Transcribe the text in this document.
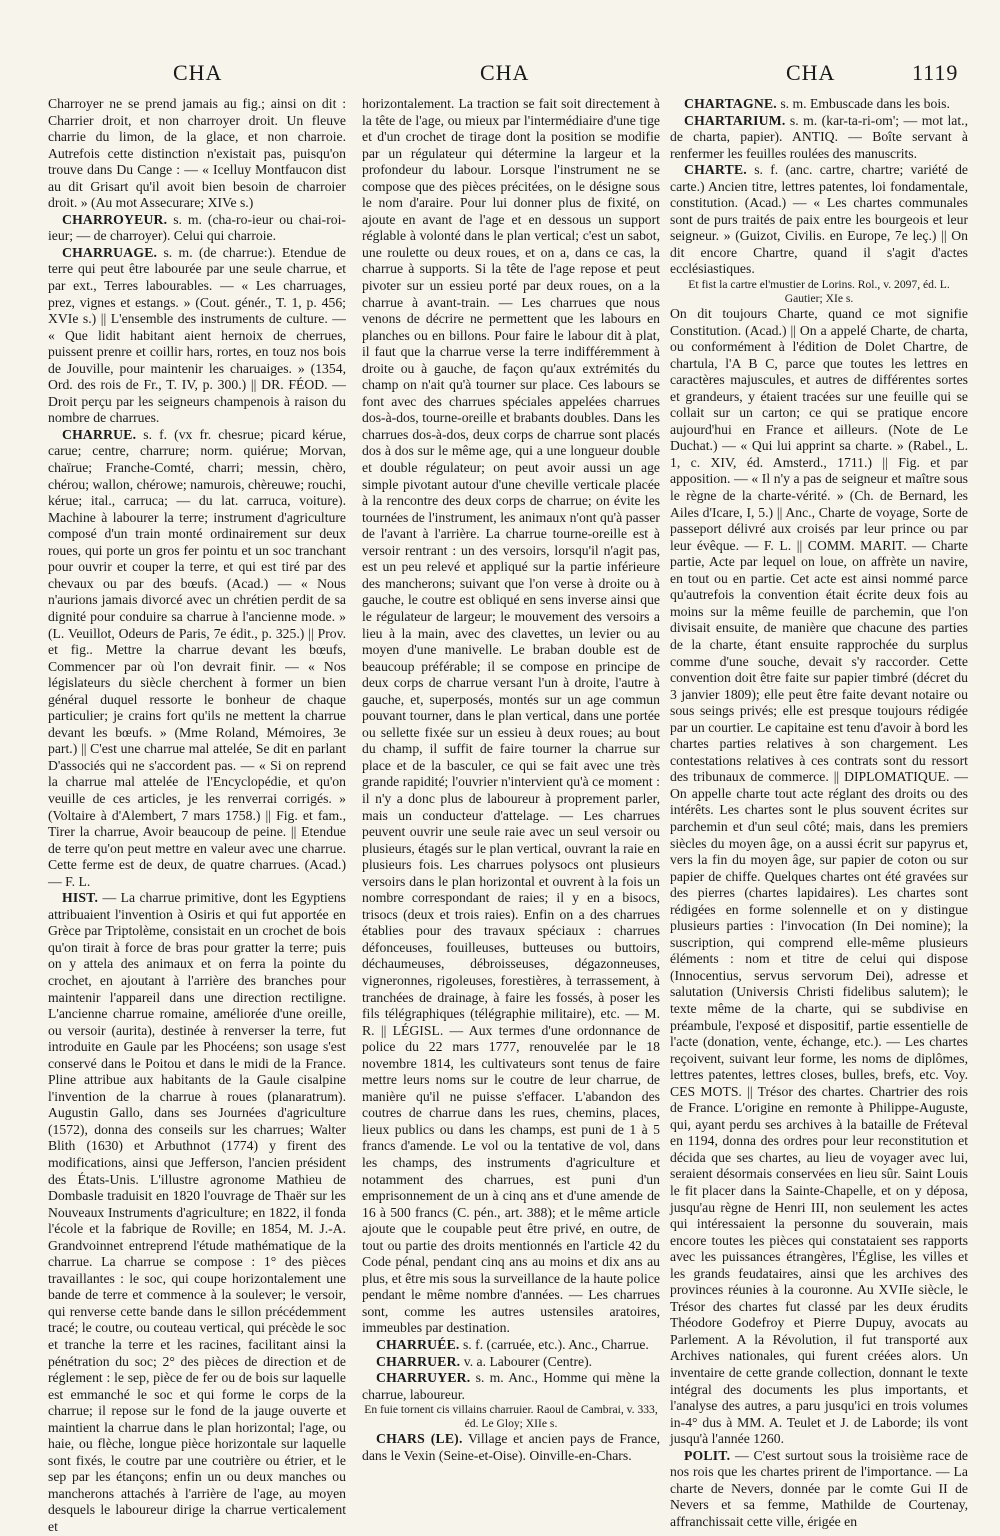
CHA	CHA	CHA	1119

Charroyer ne se prend jamais au fig.; ainsi on dit : Charrier droit, et non charroyer droit. Un fleuve charrie du limon, de la glace, et non charroie. Autrefois cette distinction n'existait pas, puisqu'on trouve dans Du Cange : — « Icelluy Montfaucon dist au dit Grisart qu'il avoit bien besoin de charroier droit. » (Au mot Assecurare; XIVe s.)

CHARROYEUR. s. m. (cha-ro-ieur ou chai-roi-ieur; — de charroyer). Celui qui charroie.

CHARRUAGE. s. m. (de charrue:). Etendue de terre qui peut être labourée par une seule charrue, et par ext., Terres labourables. — « Les charruages, prez, vignes et estangs. » (Cout. génér., T. 1, p. 456; XVIe s.) || L'ensemble des instruments de culture. — « Que lidit habitant aient hernoix de cherrues, puissent prenre et coillir hars, rortes, en touz nos bois de Jouville, pour maintenir les charuaiges. » (1354, Ord. des rois de Fr., T. IV, p. 300.) || DR. FÉOD. — Droit perçu par les seigneurs champenois à raison du nombre de charrues.

CHARRUE. s. f. (vx fr. chesrue; picard kérue, carue; centre, charrure; norm. quiérue; Morvan, chaïrue; Franche-Comté, charri; messin, chèro, chérou; wallon, chérowe; namurois, chèreuwe; rouchi, kérue; ital., carruca; — du lat. carruca, voiture). Machine à labourer la terre; instrument d'agriculture composé d'un train monté ordinairement sur deux roues, qui porte un gros fer pointu et un soc tranchant pour ouvrir et couper la terre, et qui est tiré par des chevaux ou par des bœufs. (Acad.) — « Nous n'aurions jamais divorcé avec un chrétien perdit de sa dignité pour conduire sa charrue à l'ancienne mode. » (L. Veuillot, Odeurs de Paris, 7e édit., p. 325.) || Prov. et fig.. Mettre la charrue devant les bœufs, Commencer par où l'on devrait finir. — « Nos législateurs du siècle cherchent à former un bien général duquel ressorte le bonheur de chaque particulier; je crains fort qu'ils ne mettent la charrue devant les bœufs. » (Mme Roland, Mémoires, 3e part.) || C'est une charrue mal attelée, Se dit en parlant D'associés qui ne s'accordent pas. — « Si on reprend la charrue mal attelée de l'Encyclopédie, et qu'on veuille de ces articles, je les renverrai corrigés. » (Voltaire à d'Alembert, 7 mars 1758.) || Fig. et fam., Tirer la charrue, Avoir beaucoup de peine. || Etendue de terre qu'on peut mettre en valeur avec une charrue. Cette ferme est de deux, de quatre charrues. (Acad.) — F. L.

HIST. — La charrue primitive, dont les Egyptiens attribuaient l'invention à Osiris et qui fut apportée en Grèce par Triptolème, consistait en un crochet de bois qu'on tirait à force de bras pour gratter la terre; puis on y attela des animaux et on ferra la pointe du crochet, en ajoutant à l'arrière des branches pour maintenir l'appareil dans une direction rectiligne. L'ancienne charrue romaine, améliorée d'une oreille, ou versoir (aurita), destinée à renverser la terre, fut introduite en Gaule par les Phocéens; son usage s'est conservé dans le Poitou et dans le midi de la France. Pline attribue aux habitants de la Gaule cisalpine l'invention de la charrue à roues (planaratrum). Augustin Gallo, dans ses Journées d'agriculture (1572), donna des conseils sur les charrues; Walter Blith (1630) et Arbuthnot (1774) y firent des modifications, ainsi que Jefferson, l'ancien président des États-Unis. L'illustre agronome Mathieu de Dombasle traduisit en 1820 l'ouvrage de Thaër sur les Nouveaux Instruments d'agriculture; en 1822, il fonda l'école et la fabrique de Roville; en 1854, M. J.-A. Grandvoinnet entreprend l'étude mathématique de la charrue. La charrue se compose : 1° des pièces travaillantes : le soc, qui coupe horizontalement une bande de terre et commence à la soulever; le versoir, qui renverse cette bande dans le sillon précédemment tracé; le coutre, ou couteau vertical, qui précède le soc et tranche la terre et les racines, facilitant ainsi la pénétration du soc; 2° des pièces de direction et de réglement : le sep, pièce de fer ou de bois sur laquelle est emmanché le soc et qui forme le corps de la charrue; il repose sur le fond de la jauge ouverte et maintient la charrue dans le plan horizontal; l'age, ou haie, ou flèche, longue pièce horizontale sur laquelle sont fixés, le coutre par une coutrière ou étrier, et le sep par les étançons; enfin un ou deux manches ou mancherons attachés à l'arrière de l'age, au moyen desquels le laboureur dirige la charrue verticalement et

horizontalement. La traction se fait soit directement à la tête de l'age, ou mieux par l'intermédiaire d'une tige et d'un crochet de tirage dont la position se modifie par un régulateur qui détermine la largeur et la profondeur du labour. Lorsque l'instrument ne se compose que des pièces précitées, on le désigne sous le nom d'araire. Pour lui donner plus de fixité, on ajoute en avant de l'age et en dessous un support réglable à volonté dans le plan vertical; c'est un sabot, une roulette ou deux roues, et on a, dans ce cas, la charrue à supports. Si la tête de l'age repose et peut pivoter sur un essieu porté par deux roues, on a la charrue à avant-train. — Les charrues que nous venons de décrire ne permettent que les labours en planches ou en billons. Pour faire le labour dit à plat, il faut que la charrue verse la terre indifféremment à droite ou à gauche, de façon qu'aux extrémités du champ on n'ait qu'à tourner sur place. Ces labours se font avec des charrues spéciales appelées charrues dos-à-dos, tourne-oreille et brabants doubles. Dans les charrues dos-à-dos, deux corps de charrue sont placés dos à dos sur le même age, qui a une longueur double et double régulateur; on peut avoir aussi un age simple pivotant autour d'une cheville verticale placée à la rencontre des deux corps de charrue; on évite les tournées de l'instrument, les animaux n'ont qu'à passer de l'avant à l'arrière. La charrue tourne-oreille est à versoir rentrant : un des versoirs, lorsqu'il n'agit pas, est un peu relevé et appliqué sur la partie inférieure des mancherons; suivant que l'on verse à droite ou à gauche, le coutre est obliqué en sens inverse ainsi que le régulateur de largeur; le mouvement des versoirs a lieu à la main, avec des clavettes, un levier ou au moyen d'une manivelle. Le braban double est de beaucoup préférable; il se compose en principe de deux corps de charrue versant l'un à droite, l'autre à gauche, et, superposés, montés sur un age commun pouvant tourner, dans le plan vertical, dans une portée ou sellette fixée sur un essieu à deux roues; au bout du champ, il suffit de faire tourner la charrue sur place et de la basculer, ce qui se fait avec une très grande rapidité; l'ouvrier n'intervient qu'à ce moment : il n'y a donc plus de laboureur à proprement parler, mais un conducteur d'attelage. — Les charrues peuvent ouvrir une seule raie avec un seul versoir ou plusieurs, étagés sur le plan vertical, ouvrant la raie en plusieurs fois. Les charrues polysocs ont plusieurs versoirs dans le plan horizontal et ouvrent à la fois un nombre correspondant de raies; il y en a bisocs, trisocs (deux et trois raies). Enfin on a des charrues établies pour des travaux spéciaux : charrues défonceuses, fouilleuses, butteuses ou buttoirs, déchaumeuses, débroisseuses, dégazonneuses, vigneronnes, rigoleuses, forestières, à terrassement, à tranchées de drainage, à faire les fossés, à poser les fils télégraphiques (télégraphie militaire), etc. — M. R. || LÉGISL. — Aux termes d'une ordonnance de police du 22 mars 1777, renouvelée par le 18 novembre 1814, les cultivateurs sont tenus de faire mettre leurs noms sur le coutre de leur charrue, de manière qu'il ne puisse s'effacer. L'abandon des coutres de charrue dans les rues, chemins, places, lieux publics ou dans les champs, est puni de 1 à 5 francs d'amende. Le vol ou la tentative de vol, dans les champs, des instruments d'agriculture et notamment des charrues, est puni d'un emprisonnement de un à cinq ans et d'une amende de 16 à 500 francs (C. pén., art. 388); et le même article ajoute que le coupable peut être privé, en outre, de tout ou partie des droits mentionnés en l'article 42 du Code pénal, pendant cinq ans au moins et dix ans au plus, et être mis sous la surveillance de la haute police pendant le même nombre d'années. — Les charrues sont, comme les autres ustensiles aratoires, immeubles par destination.

CHARRUÉE. s. f. (carruée, etc.). Anc., Charrue.

CHARRUER. v. a. Labourer (Centre).

CHARRUYER. s. m. Anc., Homme qui mène la charrue, laboureur.

En fuie tornent cis villains charruier. Raoul de Cambrai, v. 333, éd. Le Gloy; XIIe s.

CHARS (LE). Village et ancien pays de France, dans le Vexin (Seine-et-Oise). Oinville-en-Chars.

CHARTAGNE. s. m. Embuscade dans les bois.

CHARTARIUM. s. m. (kar-ta-ri-om'; — mot lat., de charta, papier). ANTIQ. — Boîte servant à renfermer les feuilles roulées des manuscrits.

CHARTE. s. f. (anc. cartre, chartre; variété de carte.) Ancien titre, lettres patentes, loi fondamentale, constitution. (Acad.) — « Les chartes communales sont de purs traités de paix entre les bourgeois et leur seigneur. » (Guizot, Civilis. en Europe, 7e leç.) || On dit encore Chartre, quand il s'agit d'actes ecclésiastiques.

Et fist la cartre el'mustier de Lorins. Rol., v. 2097, éd. L. Gautier; XIe s.

On dit toujours Charte, quand ce mot signifie Constitution. (Acad.) || On a appelé Charte, de charta, ou conformément à l'édition de Dolet Chartre, de chartula, l'A B C, parce que toutes les lettres en caractères majuscules, et autres de différentes sortes et grandeurs, y étaient tracées sur une feuille qui se collait sur un carton; ce qui se pratique encore aujourd'hui en France et ailleurs. (Note de Le Duchat.) — « Qui lui apprint sa charte. » (Rabel., L. 1, c. XIV, éd. Amsterd., 1711.) || Fig. et par apposition. — « Il n'y a pas de seigneur et maître sous le règne de la charte-vérité. » (Ch. de Bernard, les Ailes d'Icare, I, 5.) || Anc., Charte de voyage, Sorte de passeport délivré aux croisés par leur prince ou par leur évêque. — F. L. || COMM. MARIT. — Charte partie, Acte par lequel on loue, on affrète un navire, en tout ou en partie. Cet acte est ainsi nommé parce qu'autrefois la convention était écrite deux fois au moins sur la même feuille de parchemin, que l'on divisait ensuite, de manière que chacune des parties de la charte, étant ensuite rapprochée du surplus comme d'une souche, devait s'y raccorder. Cette convention doit être faite sur papier timbré (décret du 3 janvier 1809); elle peut être faite devant notaire ou sous seings privés; elle est presque toujours rédigée par un courtier. Le capitaine est tenu d'avoir à bord les chartes parties relatives à son chargement. Les contestations relatives à ces contrats sont du ressort des tribunaux de commerce. || DIPLOMATIQUE. — On appelle charte tout acte réglant des droits ou des intérêts. Les chartes sont le plus souvent écrites sur parchemin et d'un seul côté; mais, dans les premiers siècles du moyen âge, on a aussi écrit sur papyrus et, vers la fin du moyen âge, sur papier de coton ou sur papier de chiffe. Quelques chartes ont été gravées sur des pierres (chartes lapidaires). Les chartes sont rédigées en forme solennelle et on y distingue plusieurs parties : l'invocation (In Dei nomine); la suscription, qui comprend elle-même plusieurs éléments : nom et titre de celui qui dispose (Innocentius, servus servorum Dei), adresse et salutation (Universis Christi fidelibus salutem); le texte même de la charte, qui se subdivise en préambule, l'exposé et dispositif, partie essentielle de l'acte (donation, vente, échange, etc.). — Les chartes reçoivent, suivant leur forme, les noms de diplômes, lettres patentes, lettres closes, bulles, brefs, etc. Voy. CES MOTS. || Trésor des chartes. Chartrier des rois de France. L'origine en remonte à Philippe-Auguste, qui, ayant perdu ses archives à la bataille de Fréteval en 1194, donna des ordres pour leur reconstitution et décida que ses chartes, au lieu de voyager avec lui, seraient désormais conservées en lieu sûr. Saint Louis le fit placer dans la Sainte-Chapelle, et on y déposa, jusqu'au règne de Henri III, non seulement les actes qui intéressaient la personne du souverain, mais encore toutes les pièces qui constataient ses rapports avec les puissances étrangères, l'Église, les villes et les grands feudataires, ainsi que les archives des provinces réunies à la couronne. Au XVIIe siècle, le Trésor des chartes fut classé par les deux érudits Théodore Godefroy et Pierre Dupuy, avocats au Parlement. A la Révolution, il fut transporté aux Archives nationales, qui furent créées alors. Un inventaire de cette grande collection, donnant le texte intégral des documents les plus importants, et l'analyse des autres, a paru jusqu'ici en trois volumes in-4° dus à MM. A. Teulet et J. de Laborde; ils vont jusqu'à l'année 1260.

POLIT. — C'est surtout sous la troisième race de nos rois que les chartes prirent de l'importance. — La charte de Nevers, donnée par le comte Gui II de Nevers et sa femme, Mathilde de Courtenay, affranchissait cette ville, érigée en
